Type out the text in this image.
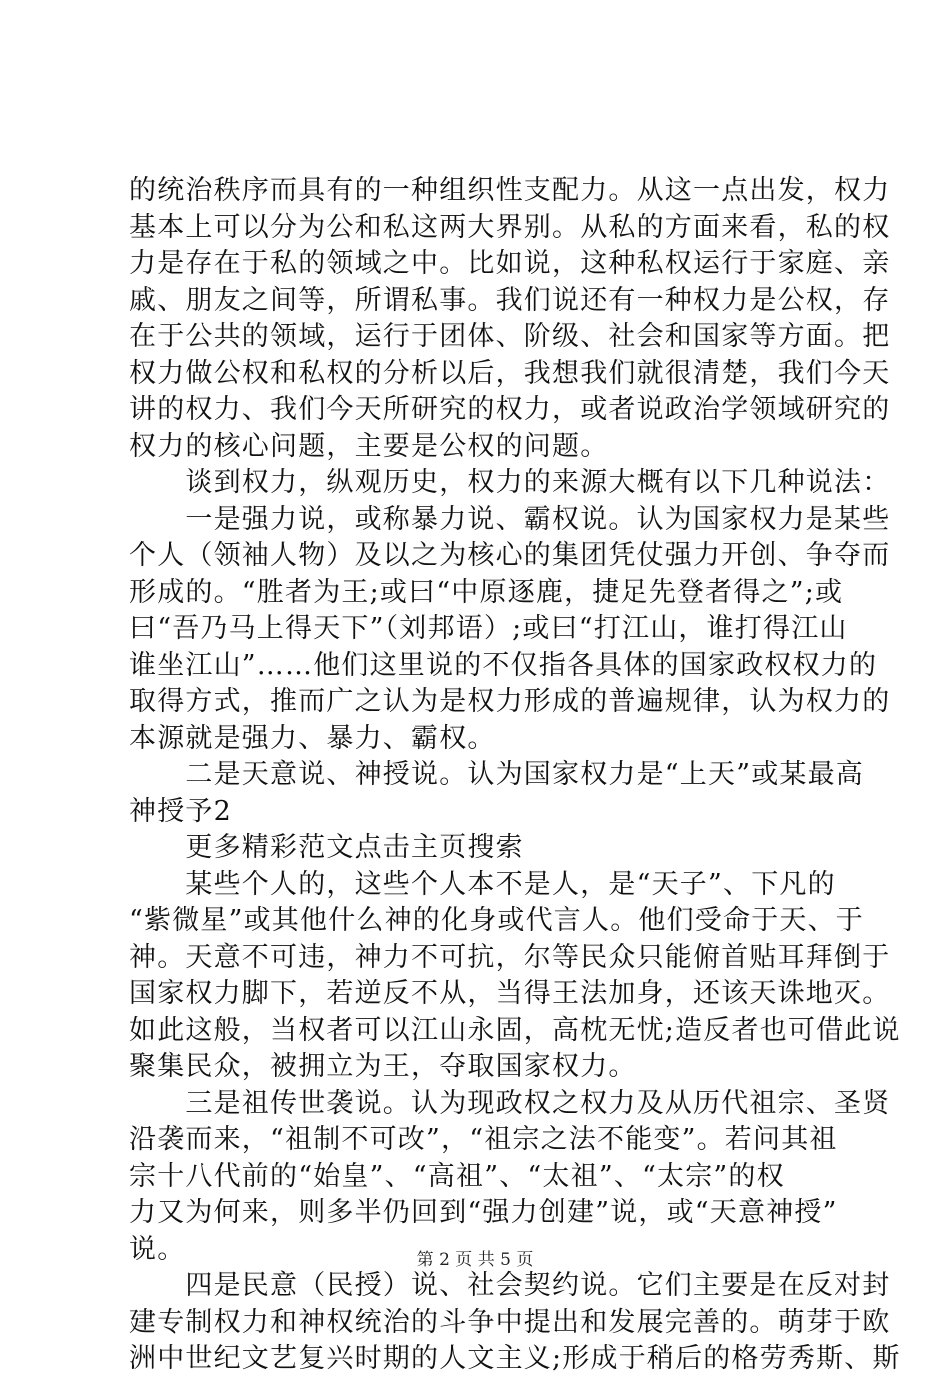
的统治秩序而具有的一种组织性支配力。从这一点出发，权力
基本上可以分为公和私这两大界别。从私的方面来看，私的权
力是存在于私的领域之中。比如说，这种私权运行于家庭、亲
戚、朋友之间等，所谓私事。我们说还有一种权力是公权，存
在于公共的领域，运行于团体、阶级、社会和国家等方面。把
权力做公权和私权的分析以后，我想我们就很清楚，我们今天
讲的权力、我们今天所研究的权力，或者说政治学领域研究的
权力的核心问题，主要是公权的问题。
　　谈到权力，纵观历史，权力的来源大概有以下几种说法：
　　一是强力说，或称暴力说、霸权说。认为国家权力是某些
个人（领袖人物）及以之为核心的集团凭仗强力开创、争夺而
形成的。“胜者为王;或曰“中原逐鹿，捷足先登者得之”;或
曰“吾乃马上得天下”（刘邦语）;或曰“打江山，谁打得江山
谁坐江山”……他们这里说的不仅指各具体的国家政权权力的
取得方式，推而广之认为是权力形成的普遍规律，认为权力的
本源就是强力、暴力、霸权。
　　二是天意说、神授说。认为国家权力是“上天”或某最高
神授予2
　　更多精彩范文点击主页搜索
　　某些个人的，这些个人本不是人，是“天子”、下凡的
“紫微星”或其他什么神的化身或代言人。他们受命于天、于
神。天意不可违，神力不可抗，尔等民众只能俯首贴耳拜倒于
国家权力脚下，若逆反不从，当得王法加身，还该天诛地灭。
如此这般，当权者可以江山永固，高枕无忧;造反者也可借此说
聚集民众，被拥立为王，夺取国家权力。
　　三是祖传世袭说。认为现政权之权力及从历代祖宗、圣贤
沿袭而来，“祖制不可改”，“祖宗之法不能变”。若问其祖
宗十八代前的“始皇”、“高祖”、“太祖”、“太宗”的权
力又为何来，则多半仍回到“强力创建”说，或“天意神授”
说。
　　四是民意（民授）说、社会契约说。它们主要是在反对封
建专制权力和神权统治的斗争中提出和发展完善的。萌芽于欧
洲中世纪文艺复兴时期的人文主义;形成于稍后的格劳秀斯、斯
第 2 页 共 5 页
